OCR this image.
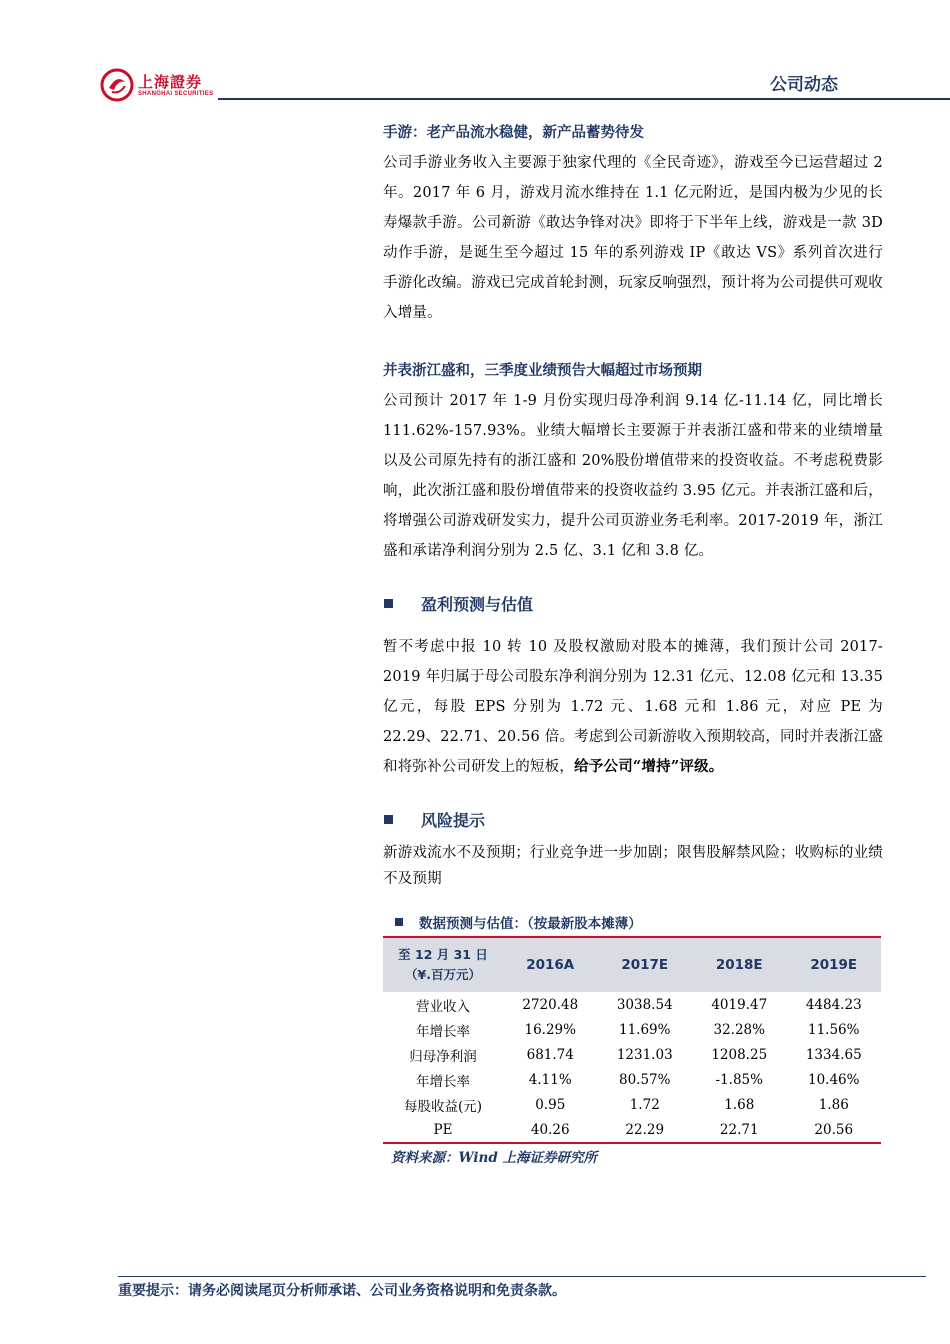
上海證券
SHANGHAI SECURITIES	公司动态
手游：老产品流水稳健，新产品蓄势待发

公司手游业务收入主要源于独家代理的《全民奇迹》，游戏至今已运营超过 2 年。2017 年 6 月，游戏月流水维持在 1.1 亿元附近，是国内极为少见的长寿爆款手游。公司新游《敢达争锋对决》即将于下半年上线，游戏是一款 3D 动作手游，是诞生至今超过 15 年的系列游戏 IP《敢达 VS》系列首次进行手游化改编。游戏已完成首轮封测，玩家反响强烈，预计将为公司提供可观收入增量。

并表浙江盛和，三季度业绩预告大幅超过市场预期

公司预计 2017 年 1-9 月份实现归母净利润 9.14 亿-11.14 亿，同比增长 111.62%-157.93%。业绩大幅增长主要源于并表浙江盛和带来的业绩增量以及公司原先持有的浙江盛和 20%股份增值带来的投资收益。不考虑税费影响，此次浙江盛和股份增值带来的投资收益约 3.95 亿元。并表浙江盛和后，将增强公司游戏研发实力，提升公司页游业务毛利率。2017-2019 年，浙江盛和承诺净利润分别为 2.5 亿、3.1 亿和 3.8 亿。

盈利预测与估值

暂不考虑中报 10 转 10 及股权激励对股本的摊薄，我们预计公司 2017-2019 年归属于母公司股东净利润分别为 12.31 亿元、12.08 亿元和 13.35 亿元，每股 EPS 分别为 1.72 元、1.68 元和 1.86 元，对应 PE 为 22.29、22.71、20.56 倍。考虑到公司新游收入预期较高，同时并表浙江盛和将弥补公司研发上的短板，给予公司“增持”评级。

风险提示

新游戏流水不及预期；行业竞争进一步加剧；限售股解禁风险；收购标的业绩不及预期

数据预测与估值：（按最新股本摊薄）
至 12 月 31 日
（¥.百万元）	2016A	2017E	2018E	2019E
营业收入	2720.48	3038.54	4019.47	4484.23
年增长率	16.29%	11.69%	32.28%	11.56%
归母净利润	681.74	1231.03	1208.25	1334.65
年增长率	4.11%	80.57%	-1.85%	10.46%
每股收益(元)	0.95	1.72	1.68	1.86
PE	40.26	22.29	22.71	20.56
资料来源：Wind 上海证券研究所
重要提示：请务必阅读尾页分析师承诺、公司业务资格说明和免责条款。
